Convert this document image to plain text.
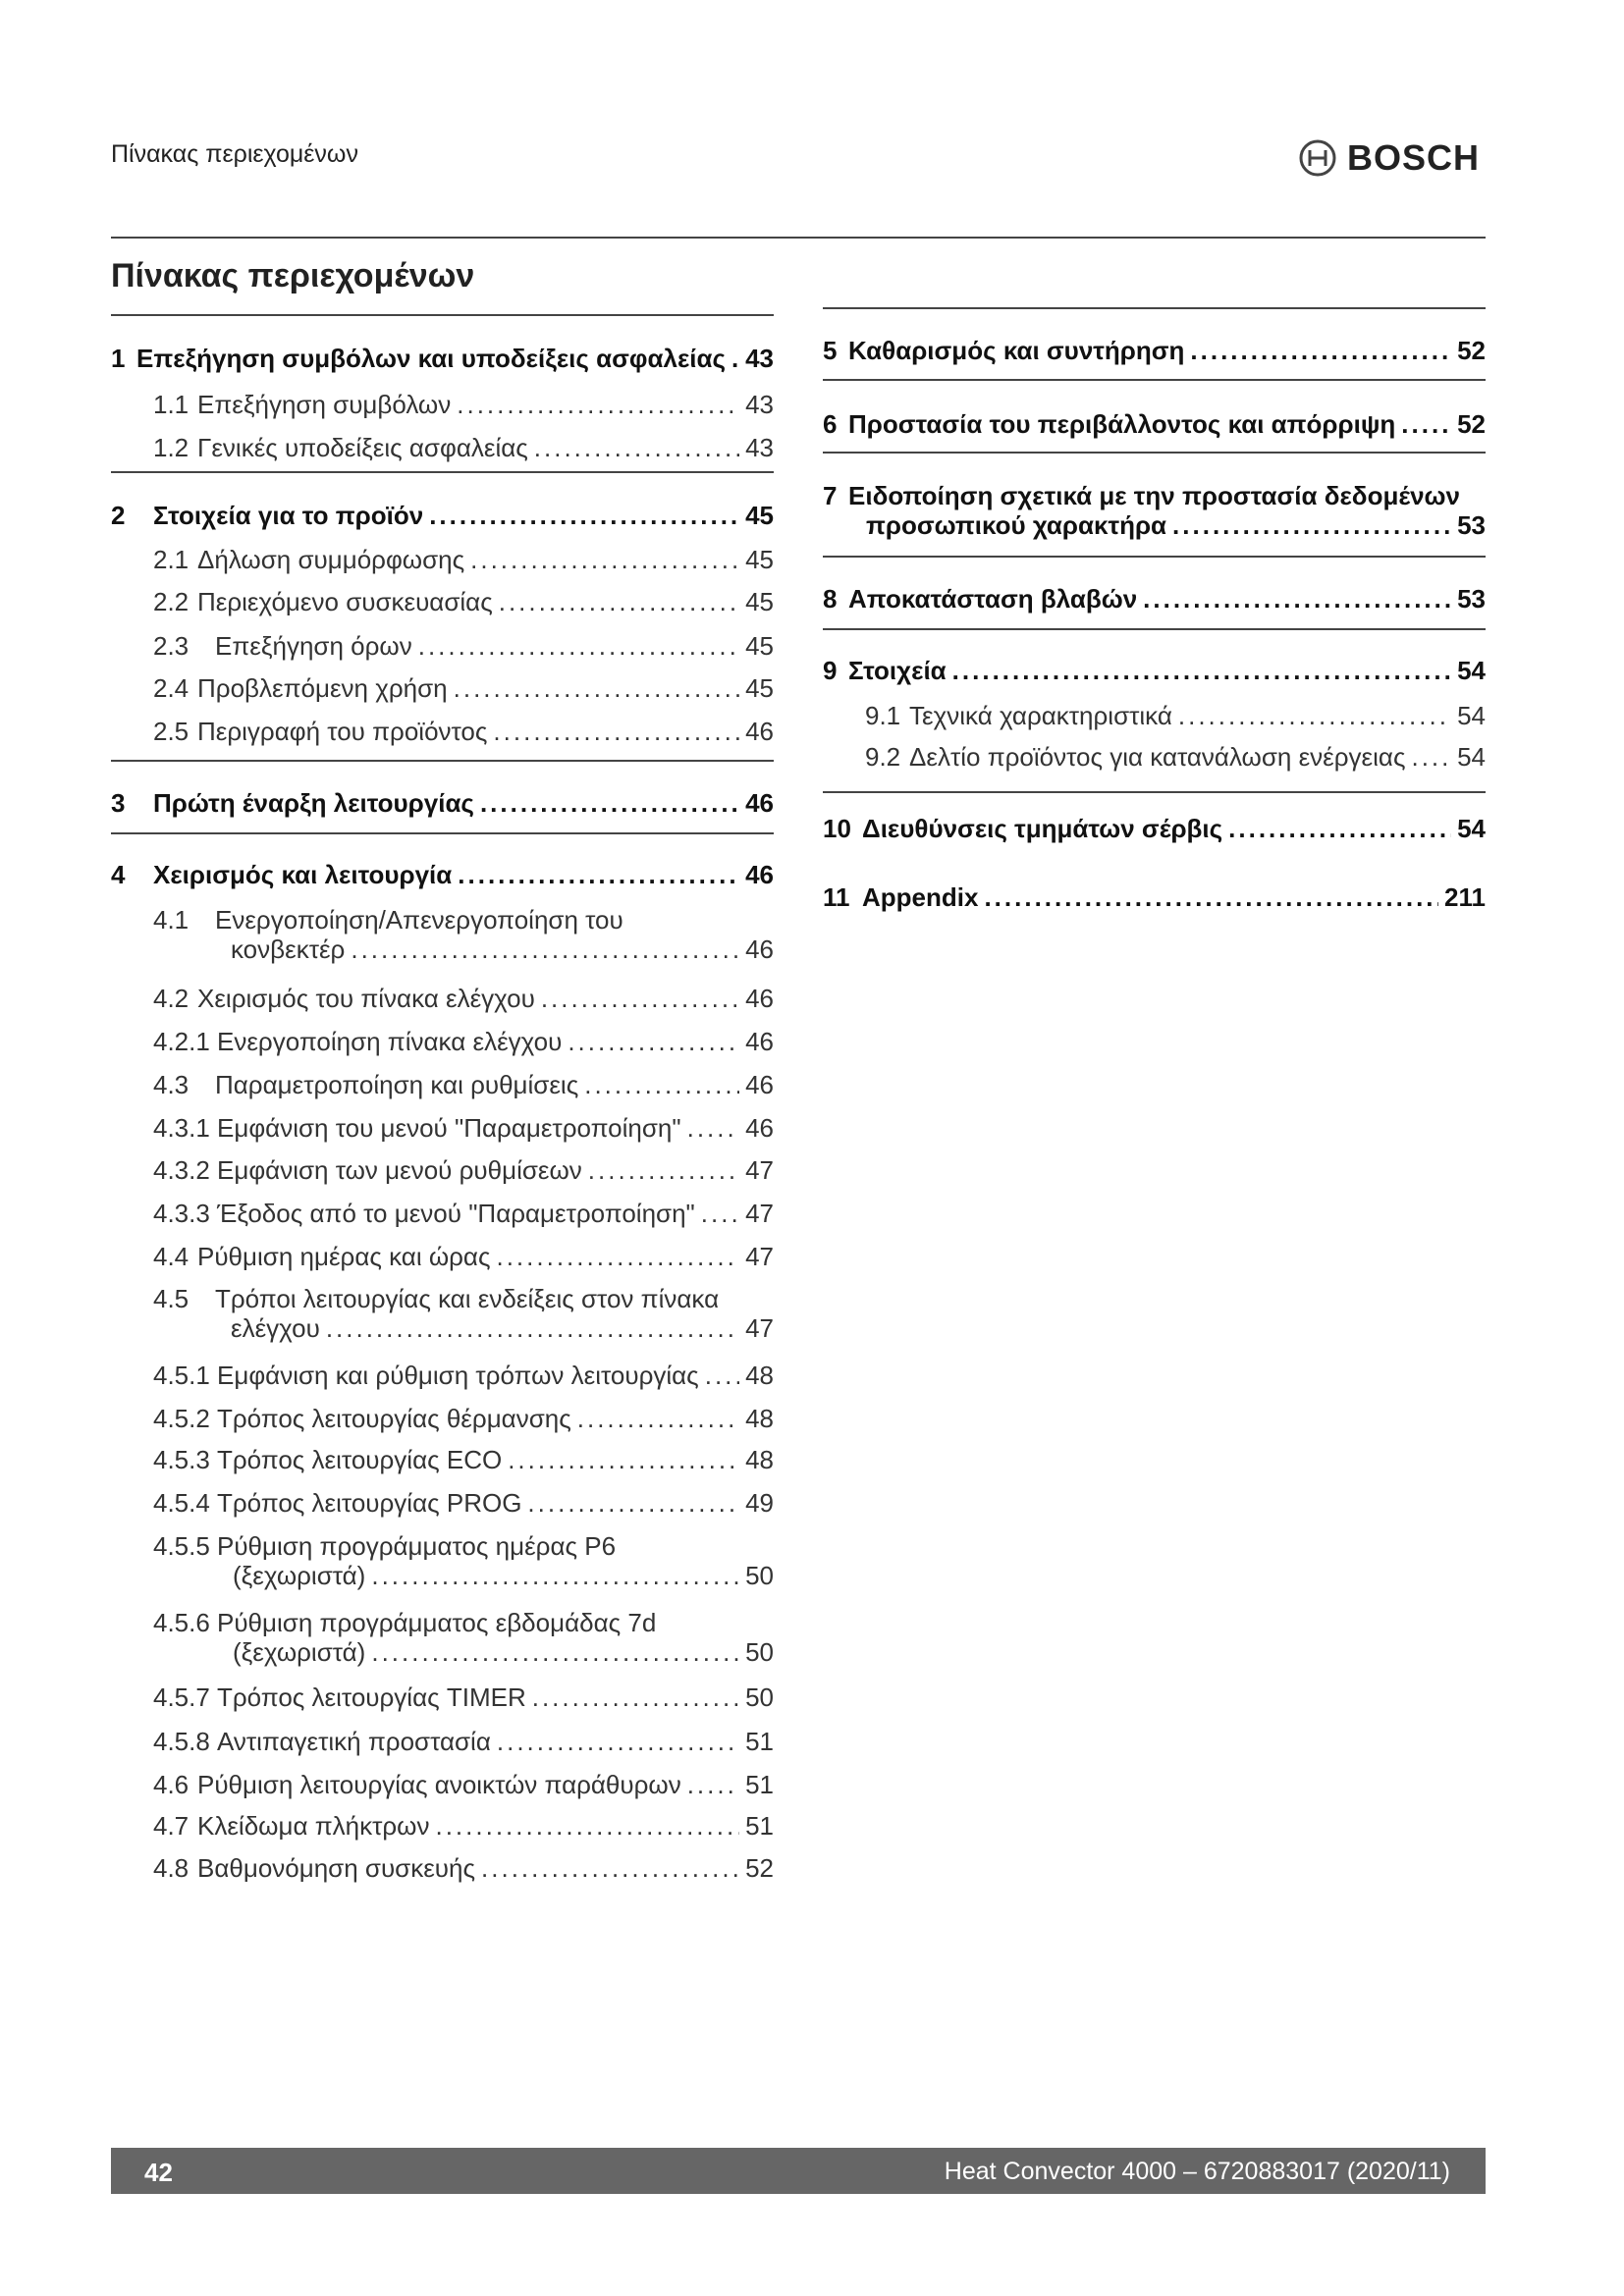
Πίνακας περιεχομένων	BOSCH
Πίνακας περιεχομένων
1 Επεξήγηση συμβόλων και υποδείξεις ασφαλείας ..... 43
1.1 Επεξήγηση συμβόλων .....	43
1.2 Γενικές υποδείξεις ασφαλείας .....	43
2 Στοιχεία για το προϊόν .....	45
2.1 Δήλωση συμμόρφωσης .....	45
2.2 Περιεχόμενο συσκευασίας .....	45
2.3 Επεξήγηση όρων .....	45
2.4 Προβλεπόμενη χρήση .....	45
2.5 Περιγραφή του προϊόντος .....	46
3 Πρώτη έναρξη λειτουργίας .....	46
4 Χειρισμός και λειτουργία .....	46
4.1 Ενεργοποίηση/Απενεργοποίηση του
κονβεκτέρ .....	46
4.2 Χειρισμός του πίνακα ελέγχου .....	46
4.2.1 Ενεργοποίηση πίνακα ελέγχου .....	46
4.3 Παραμετροποίηση και ρυθμίσεις .....	46
4.3.1 Εμφάνιση του μενού "Παραμετροποίηση" .....	46
4.3.2 Εμφάνιση των μενού ρυθμίσεων .....	47
4.3.3 Έξοδος από το μενού "Παραμετροποίηση" ..... 47
4.4 Ρύθμιση ημέρας και ώρας .....	47
4.5 Τρόποι λειτουργίας και ενδείξεις στον πίνακα
ελέγχου .....	47
4.5.1 Εμφάνιση και ρύθμιση τρόπων λειτουργίας ..... 48
4.5.2 Τρόπος λειτουργίας θέρμανσης .....	48
4.5.3 Τρόπος λειτουργίας ECO .....	48
4.5.4 Τρόπος λειτουργίας PROG .....	49
4.5.5 Ρύθμιση προγράμματος ημέρας P6
(ξεχωριστά) .....	50
4.5.6 Ρύθμιση προγράμματος εβδομάδας 7d
(ξεχωριστά) .....	50
4.5.7 Τρόπος λειτουργίας TIMER .....	50
4.5.8 Αντιπαγετική προστασία .....	51
4.6 Ρύθμιση λειτουργίας ανοικτών παράθυρων .....	51
4.7 Κλείδωμα πλήκτρων .....	51
4.8 Βαθμονόμηση συσκευής .....	52
5 Καθαρισμός και συντήρηση .....	52
6 Προστασία του περιβάλλοντος και απόρριψη ..... 52
7 Ειδοποίηση σχετικά με την προστασία δεδομένων
προσωπικού χαρακτήρα .....	53
8 Αποκατάσταση βλαβών .....	53
9 Στοιχεία .....	54
9.1 Τεχνικά χαρακτηριστικά .....	54
9.2 Δελτίο προϊόντος για κατανάλωση ενέργειας ..... 54
10 Διευθύνσεις τμημάτων σέρβις .....	54
11 Appendix .....	211
42	Heat Convector 4000 – 6720883017 (2020/11)
